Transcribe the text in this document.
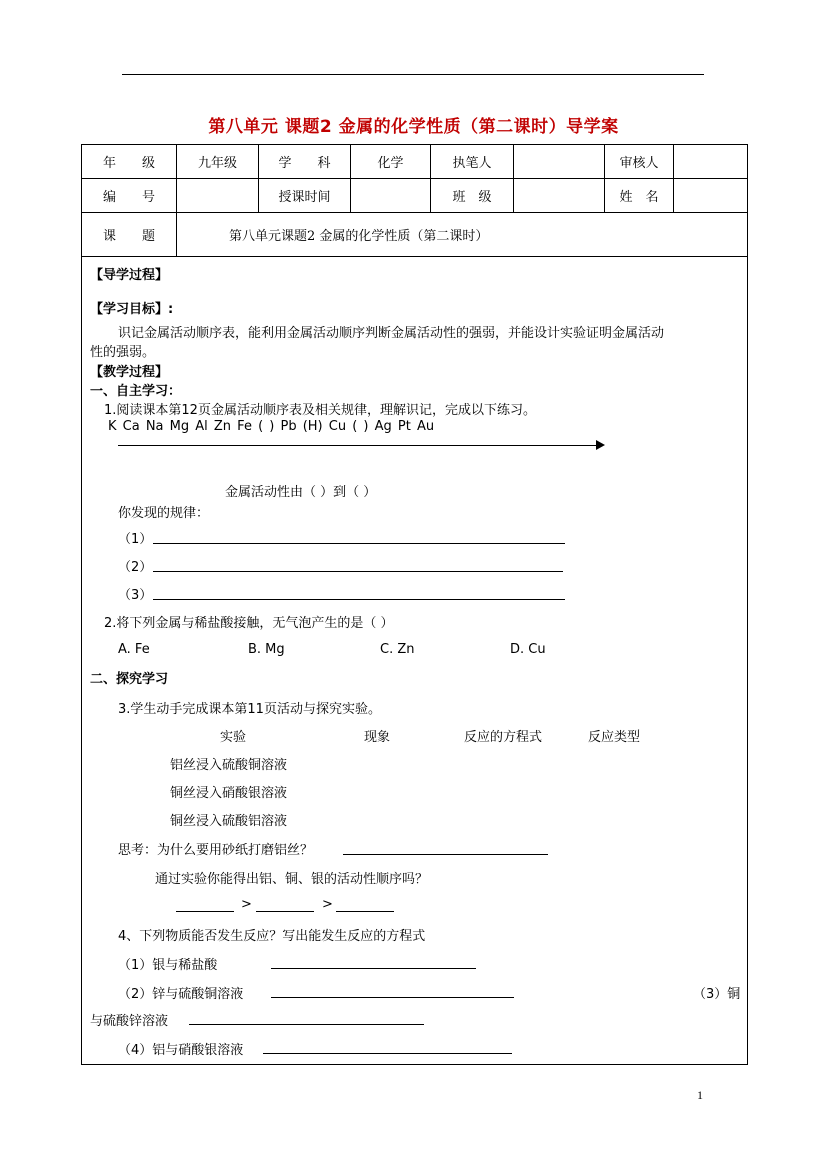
第八单元 课题2 金属的化学性质（第二课时）导学案
年　　级	九年级	学　　科	化学	执笔人		审核人	
编　　号		授课时间		班　级		姓　名	
课　　题	第八单元课题2 金属的化学性质（第二课时）						
【导学过程】
【学习目标】:
识记金属活动顺序表，能利用金属活动顺序判断金属活动性的强弱，并能设计实验证明金属活动
性的强弱。
【教学过程】
一、自主学习：
1.阅读课本第12页金属活动顺序表及相关规律，理解识记，完成以下练习。
K Ca Na Mg Al Zn Fe ( ) Pb (H) Cu ( ) Ag Pt Au
金属活动性由（ ）到（ ）
你发现的规律：
（1）
（2）
（3）
2.将下列金属与稀盐酸接触，无气泡产生的是（ ）
A. Fe	B. Mg	C. Zn	D. Cu
二、探究学习
3.学生动手完成课本第11页活动与探究实验。
实验	现象	反应的方程式	反应类型
铝丝浸入硫酸铜溶液
铜丝浸入硝酸银溶液
铜丝浸入硫酸铝溶液
思考：为什么要用砂纸打磨铝丝？
通过实验你能得出铝、铜、银的活动性顺序吗？
>	>
4、下列物质能否发生反应？写出能发生反应的方程式
（1）银与稀盐酸
（2）锌与硫酸铜溶液	（3）铜
与硫酸锌溶液
（4）铝与硝酸银溶液
1
